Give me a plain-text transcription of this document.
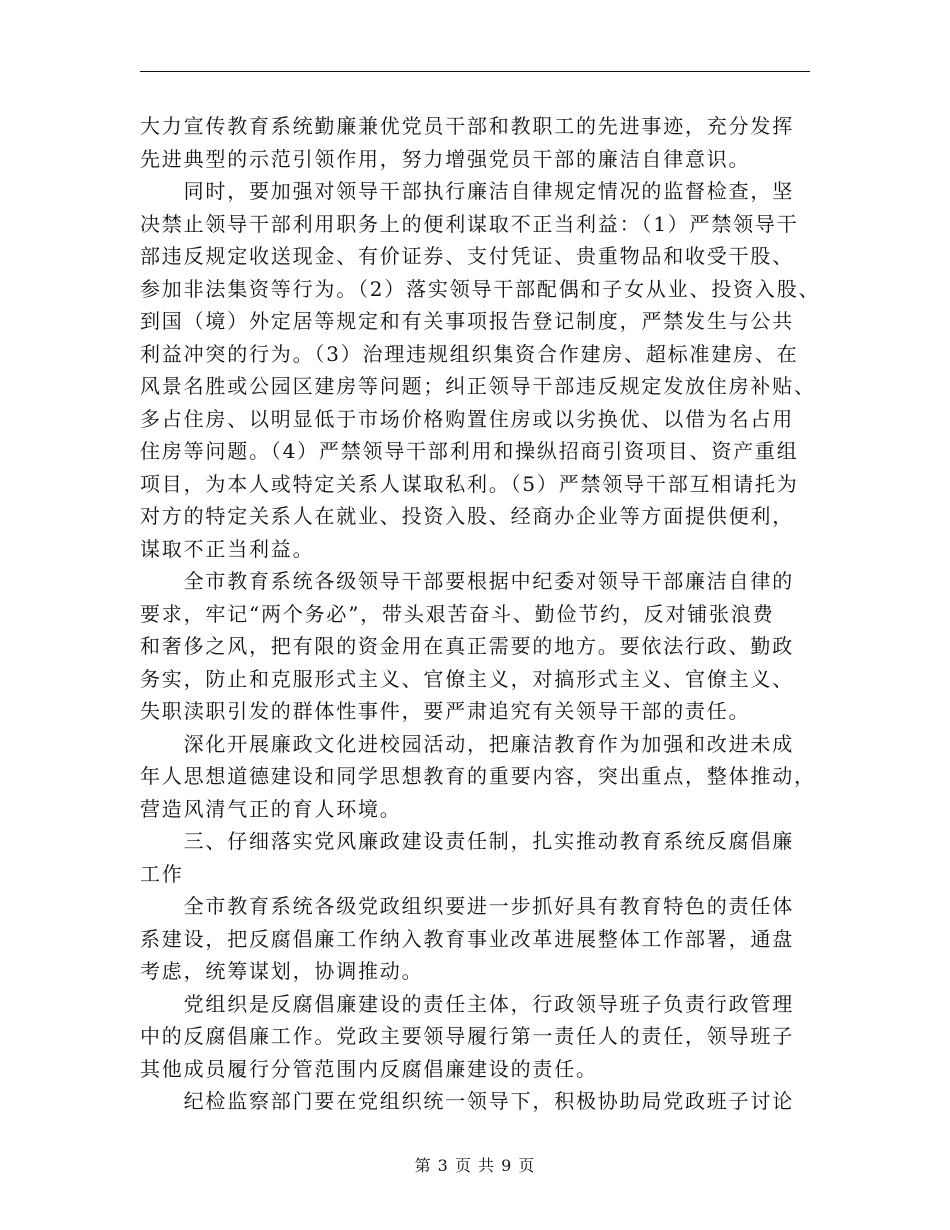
大力宣传教育系统勤廉兼优党员干部和教职工的先进事迹，充分发挥
先进典型的示范引领作用，努力增强党员干部的廉洁自律意识。
　　同时，要加强对领导干部执行廉洁自律规定情况的监督检查，坚
决禁止领导干部利用职务上的便利谋取不正当利益：（1）严禁领导干
部违反规定收送现金、有价证券、支付凭证、贵重物品和收受干股、
参加非法集资等行为。（2）落实领导干部配偶和子女从业、投资入股、
到国（境）外定居等规定和有关事项报告登记制度，严禁发生与公共
利益冲突的行为。（3）治理违规组织集资合作建房、超标准建房、在
风景名胜或公园区建房等问题；纠正领导干部违反规定发放住房补贴、
多占住房、以明显低于市场价格购置住房或以劣换优、以借为名占用
住房等问题。（4）严禁领导干部利用和操纵招商引资项目、资产重组
项目，为本人或特定关系人谋取私利。（5）严禁领导干部互相请托为
对方的特定关系人在就业、投资入股、经商办企业等方面提供便利，
谋取不正当利益。
　　全市教育系统各级领导干部要根据中纪委对领导干部廉洁自律的
要求，牢记“两个务必”，带头艰苦奋斗、勤俭节约，反对铺张浪费
和奢侈之风，把有限的资金用在真正需要的地方。要依法行政、勤政
务实，防止和克服形式主义、官僚主义，对搞形式主义、官僚主义、
失职渎职引发的群体性事件，要严肃追究有关领导干部的责任。
　　深化开展廉政文化进校园活动，把廉洁教育作为加强和改进未成
年人思想道德建设和同学思想教育的重要内容，突出重点，整体推动，
营造风清气正的育人环境。
　　三、仔细落实党风廉政建设责任制，扎实推动教育系统反腐倡廉
工作
　　全市教育系统各级党政组织要进一步抓好具有教育特色的责任体
系建设，把反腐倡廉工作纳入教育事业改革进展整体工作部署，通盘
考虑，统筹谋划，协调推动。
　　党组织是反腐倡廉建设的责任主体，行政领导班子负责行政管理
中的反腐倡廉工作。党政主要领导履行第一责任人的责任，领导班子
其他成员履行分管范围内反腐倡廉建设的责任。
　　纪检监察部门要在党组织统一领导下，积极协助局党政班子讨论
第 3 页 共 9 页
